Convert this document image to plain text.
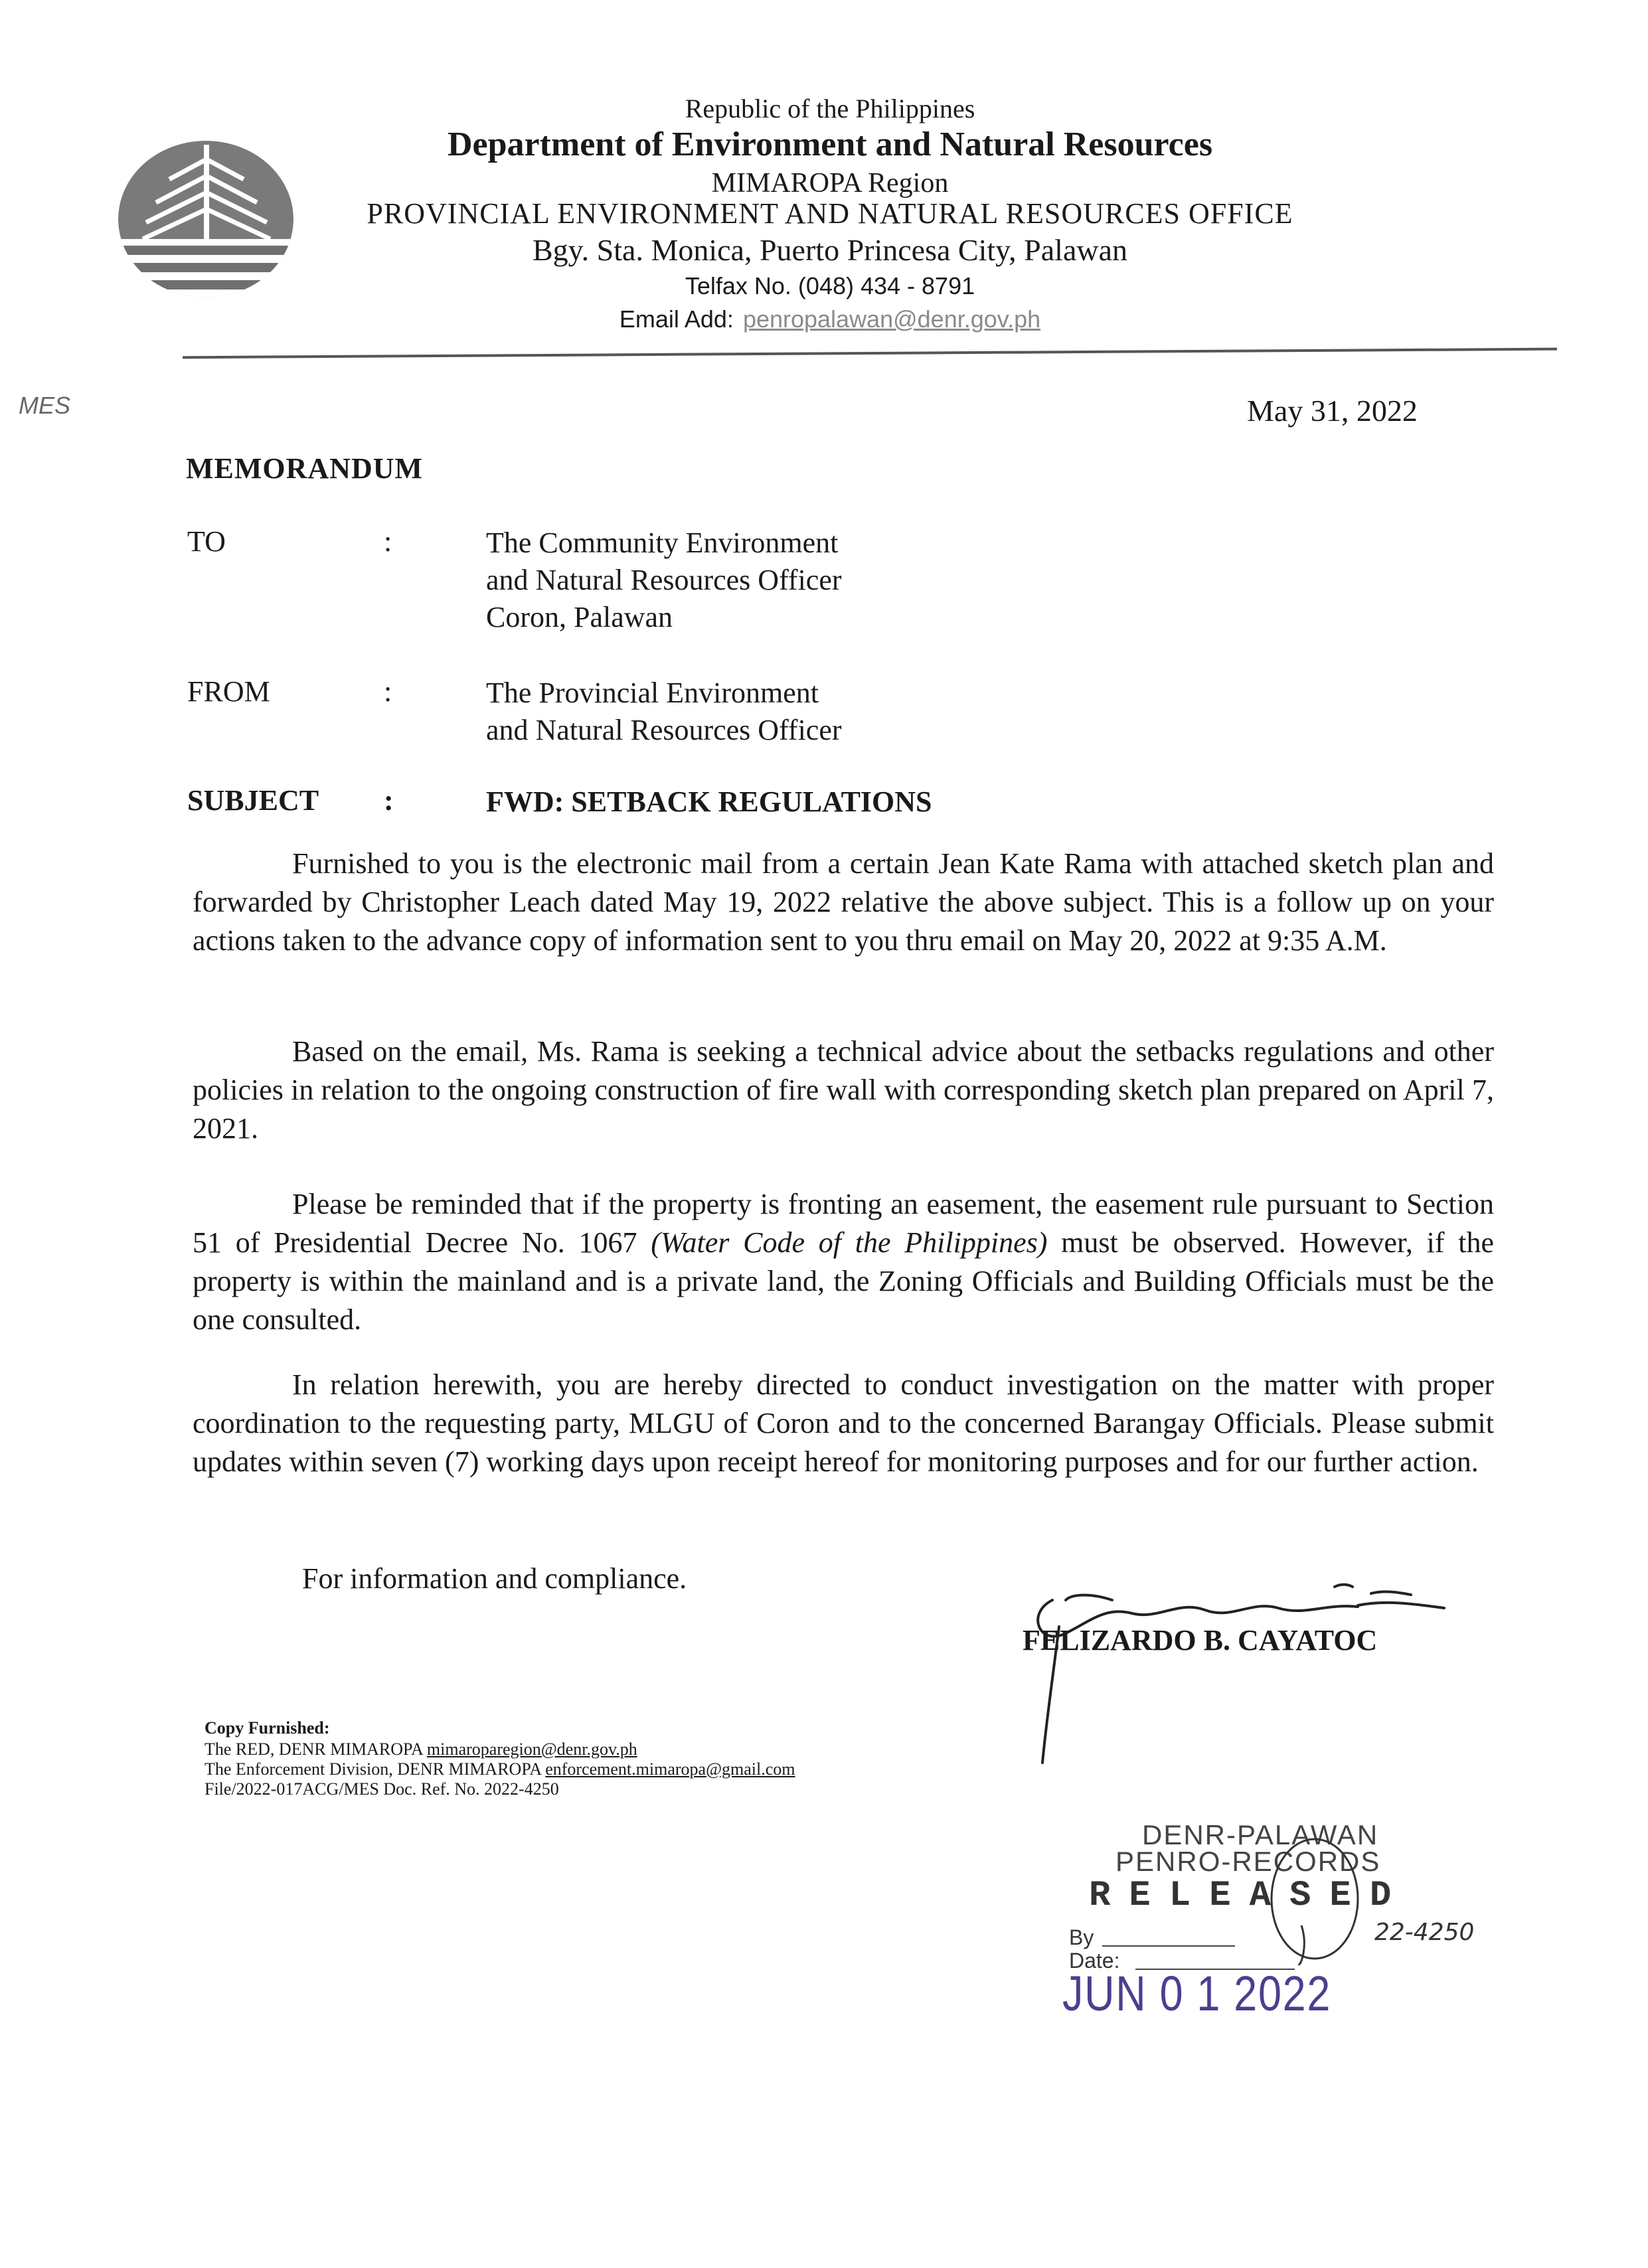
Republic of the Philippines
Department of Environment and Natural Resources
MIMAROPA Region
PROVINCIAL ENVIRONMENT AND NATURAL RESOURCES OFFICE
Bgy. Sta. Monica, Puerto Princesa City, Palawan
Telfax No. (048) 434 - 8791
Email Add: penropalawan@denr.gov.ph
MES	May 31, 2022
MEMORANDUM
TO	:	The Community Environment
and Natural Resources Officer
Coron, Palawan
FROM	:	The Provincial Environment
and Natural Resources Officer
SUBJECT :	FWD: SETBACK REGULATIONS

Furnished to you is the electronic mail from a certain Jean Kate Rama with attached sketch plan and forwarded by Christopher Leach dated May 19, 2022 relative the above subject. This is a follow up on your actions taken to the advance copy of information sent to you thru email on May 20, 2022 at 9:35 A.M.

Based on the email, Ms. Rama is seeking a technical advice about the setbacks regulations and other policies in relation to the ongoing construction of fire wall with corresponding sketch plan prepared on April 7, 2021.

Please be reminded that if the property is fronting an easement, the easement rule pursuant to Section 51 of Presidential Decree No. 1067 (Water Code of the Philippines) must be observed. However, if the property is within the mainland and is a private land, the Zoning Officials and Building Officials must be the one consulted.

In relation herewith, you are hereby directed to conduct investigation on the matter with proper coordination to the requesting party, MLGU of Coron and to the concerned Barangay Officials. Please submit updates within seven (7) working days upon receipt hereof for monitoring purposes and for our further action.

For information and compliance.
FELIZARDO B. CAYATOC
Copy Furnished:
The RED, DENR MIMAROPA mimaroparegion@denr.gov.ph
The Enforcement Division, DENR MIMAROPA enforcement.mimaropa@gmail.com
File/2022-017ACG/MES Doc. Ref. No. 2022-4250
DENR-PALAWAN
PENRO-RECORDS
RELEASED
By
Date:
JUN 0 1 2022
22-4250
